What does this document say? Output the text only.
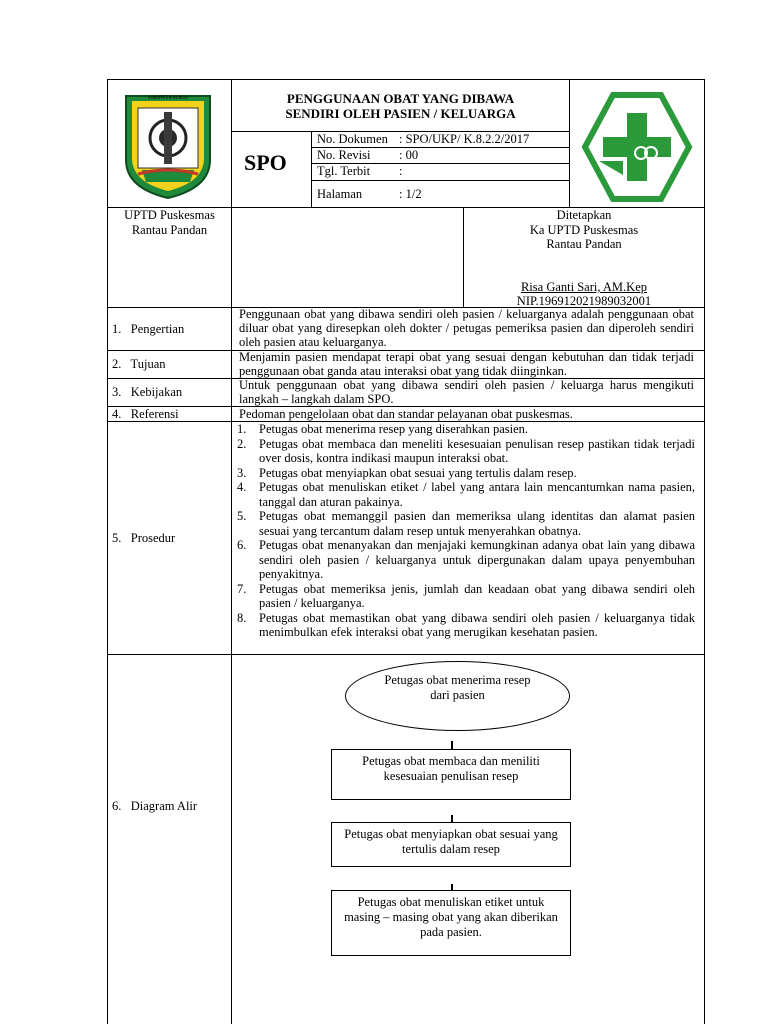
KABUPATEN BUNGO	PENGGUNAAN OBAT YANG DIBAWA
SENDIRI OLEH PASIEN / KELUARGA
SPO
No. Dokumen : SPO/UKP/ K.8.2.2/2017
No. Revisi : 00
Tgl. Terbit :
Halaman	: 1/2
UPTD Puskesmas
Rantau Pandan
Ditetapkan
Ka UPTD Puskesmas
Rantau Pandan
Risa Ganti Sari, AM.Kep
NIP.196912021989032001
1.   Pengertian
Penggunaan obat yang dibawa sendiri oleh pasien / keluarganya adalah penggunaan obat diluar obat yang diresepkan oleh dokter / petugas pemeriksa pasien dan diperoleh sendiri oleh pasien atau keluarganya.
2.   Tujuan	Menjamin pasien mendapat terapi obat yang sesuai dengan kebutuhan dan tidak terjadi penggunaan obat ganda atau interaksi obat yang tidak diinginkan.
3.   Kebijakan	Untuk penggunaan obat yang dibawa sendiri oleh pasien / keluarga harus mengikuti langkah – langkah dalam SPO.
4.   Referensi	Pedoman pengelolaan obat dan standar pelayanan obat puskesmas.
5.   Prosedur
1. Petugas obat menerima resep yang diserahkan pasien.
2. Petugas obat membaca dan meneliti kesesuaian penulisan resep pastikan tidak terjadi over dosis, kontra indikasi maupun interaksi obat.
3. Petugas obat menyiapkan obat sesuai yang tertulis dalam resep.
4. Petugas obat menuliskan etiket / label yang antara lain mencantumkan nama pasien, tanggal dan aturan pakainya.
5. Petugas obat memanggil pasien dan memeriksa ulang identitas dan alamat pasien sesuai yang tercantum dalam resep untuk menyerahkan obatnya.
6. Petugas obat menanyakan dan menjajaki kemungkinan adanya obat lain yang dibawa sendiri oleh pasien / keluarganya untuk dipergunakan dalam upaya penyembuhan penyakitnya.
7. Petugas obat memeriksa jenis, jumlah dan keadaan obat yang dibawa sendiri oleh pasien / keluarganya.
8. Petugas obat memastikan obat yang dibawa sendiri oleh pasien / keluarganya tidak menimbulkan efek interaksi obat yang merugikan kesehatan pasien.
6.   Diagram Alir
Petugas obat menerima resep dari pasien
Petugas obat membaca dan meniliti kesesuaian penulisan resep
Petugas obat menyiapkan obat sesuai yang tertulis dalam resep
Petugas obat menuliskan etiket untuk masing – masing obat yang akan diberikan pada pasien.
